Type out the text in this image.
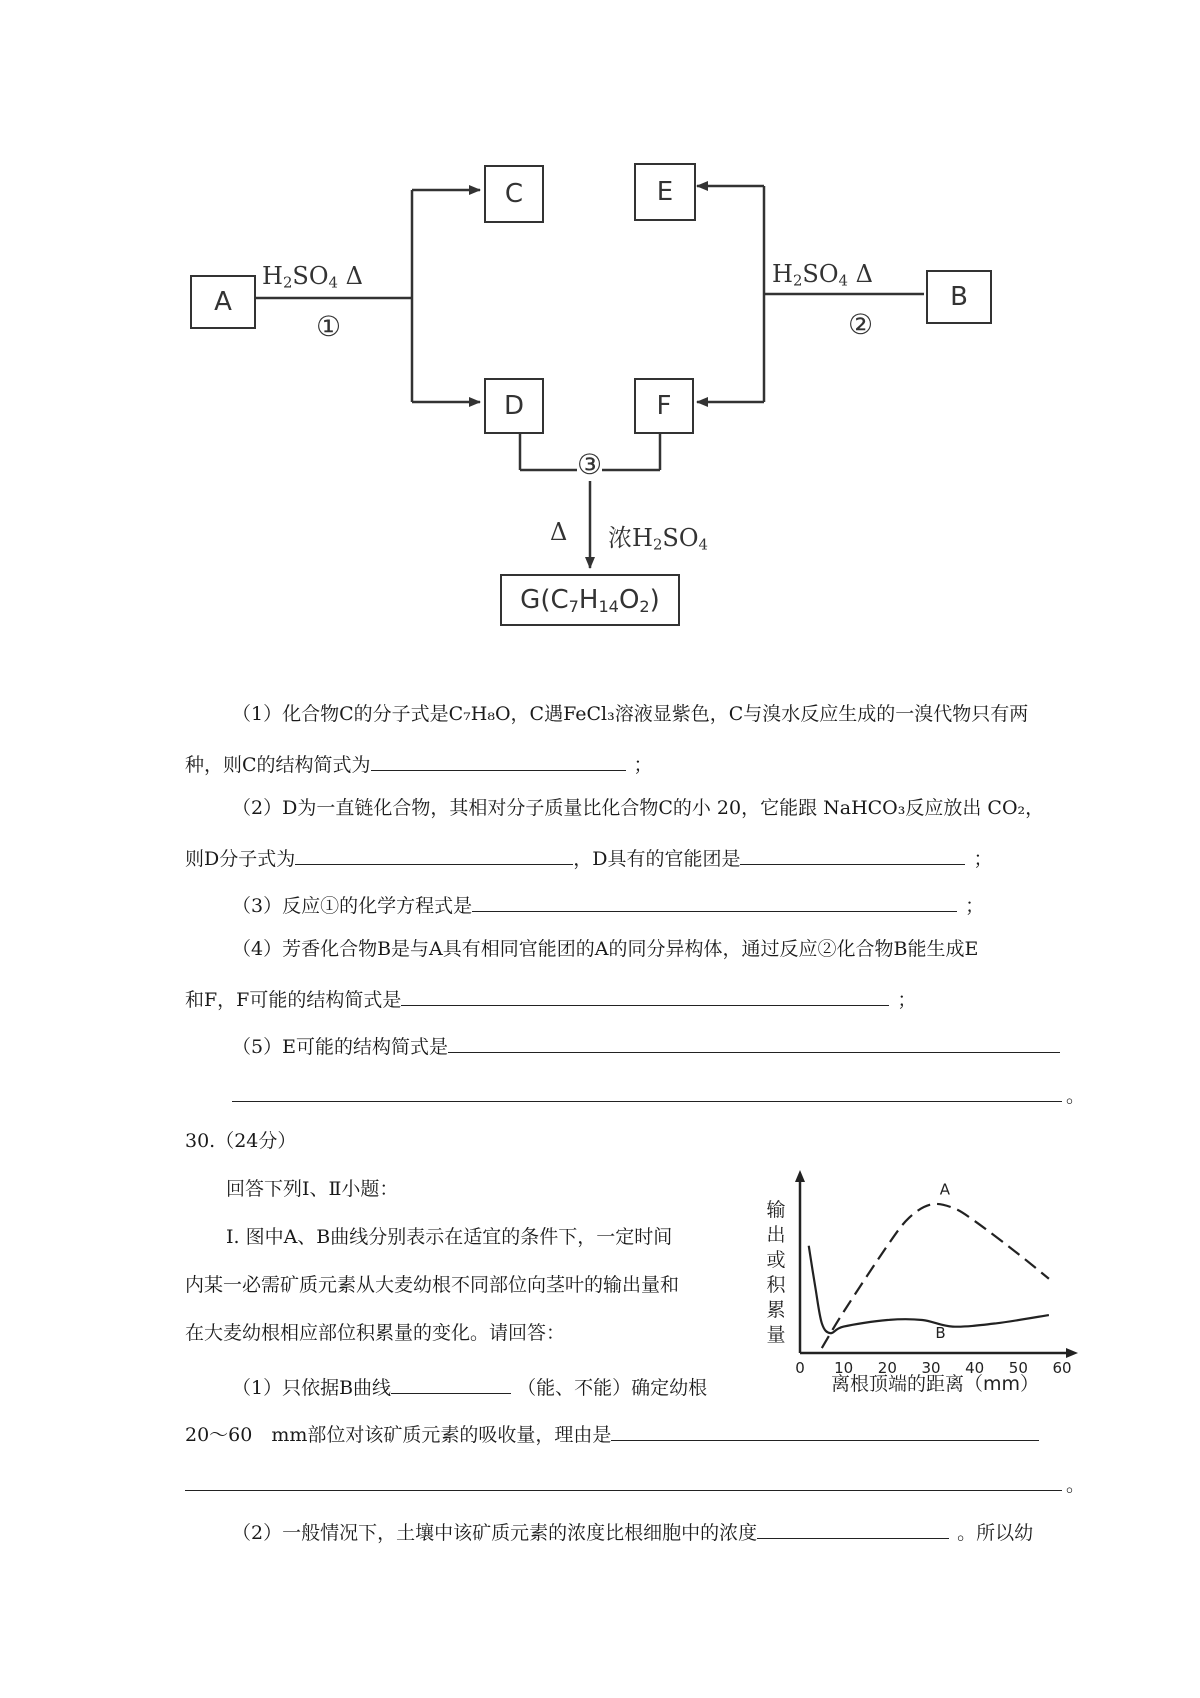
A
C	E
B
D	F
$G(C_7H_{14}O_2)$
$H_2SO_4$ Δ
①
$H_2SO_4$ Δ
②
③
Δ 浓$H_2SO_4$
（1）化合物C的分子式是C₇H₈O，C遇FeCl₃溶液显紫色，C与溴水反应生成的一溴代物只有两
种，则C的结构简式为	；
（2）D为一直链化合物，其相对分子质量比化合物C的小 20，它能跟 NaHCO₃反应放出 CO₂，
则D分子式为	，D具有的官能团是	；
（3）反应①的化学方程式是	；
（4）芳香化合物B是与A具有相同官能团的A的同分异构体，通过反应②化合物B能生成E
和F，F可能的结构简式是	；
（5）E可能的结构简式是
。
30.（24分）
回答下列Ⅰ、Ⅱ小题：
Ⅰ. 图中A、B曲线分别表示在适宜的条件下，一定时间
内某一必需矿质元素从大麦幼根不同部位向茎叶的输出量和
在大麦幼根相应部位积累量的变化。请回答：
（1）只依据B曲线	（能、不能）确定幼根
20～60　mm部位对该矿质元素的吸收量，理由是
。
（2）一般情况下，土壤中该矿质元素的浓度比根细胞中的浓度	。所以幼
输
出
或
积
累
量
0 10 20 30 40 50 60
A
B
离根顶端的距离（mm）
